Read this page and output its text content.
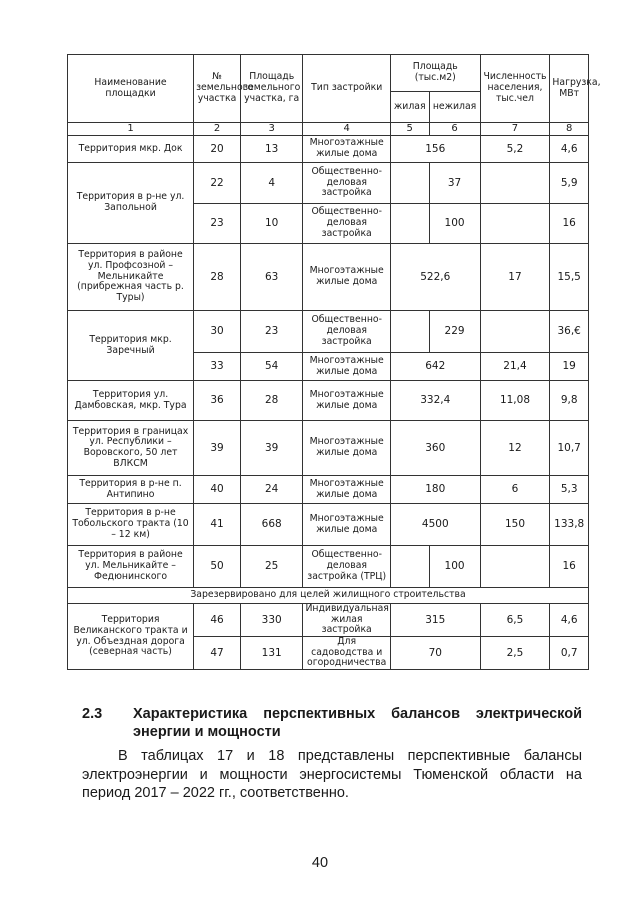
Наименование площадки	№ земельного участка	Площадь земельного участка, га	Тип застройки	Площадь (тыс.м2)		Численность населения, тыс.чел	Нагрузка, МВт
				жилая	нежилая		
1	2	3	4	5	6	7	8
Территория мкр. Док	20	13	Многоэтажные жилые дома	156		5,2	4,6
Территория в р-не ул. Запольной	22	4	Общественно-деловая застройка		37		5,9
	23	10	Общественно-деловая застройка		100		16
Территория в районе ул. Профсозной – Мельникайте (прибрежная часть р. Туры)	28	63	Многоэтажные жилые дома	522,6		17	15,5
Территория мкр. Заречный	30	23	Общественно-деловая застройка		229		36,€
	33	54	Многоэтажные жилые дома	642		21,4	19
Территория ул. Дамбовская, мкр. Тура	36	28	Многоэтажные жилые дома	332,4		11,08	9,8
Территория в границах ул. Республики – Воровского, 50 лет ВЛКСМ	39	39	Многоэтажные жилые дома	360		12	10,7
Территория в р-не п. Антипино	40	24	Многоэтажные жилые дома	180		6	5,3
Территория в р-не Тобольского тракта (10 – 12 км)	41	668	Многоэтажные жилые дома	4500		150	133,8
Территория в районе ул. Мельникайте – Федюнинского	50	25	Общественно-деловая застройка (ТРЦ)		100		16
Зарезервировано для целей жилищного строительства							
Территория Великанского тракта и ул. Объездная дорога (северная часть)	46	330	Индивидуальная жилая застройка	315		6,5	4,6
	47	131	Для садоводства и огородничества	70		2,5	0,7
2.3 Характеристика перспективных балансов электрической энергии и мощности

В таблицах 17 и 18 представлены перспективные балансы электроэнергии и мощности энергосистемы Тюменской области на период 2017 – 2022 гг., соответственно.

40
